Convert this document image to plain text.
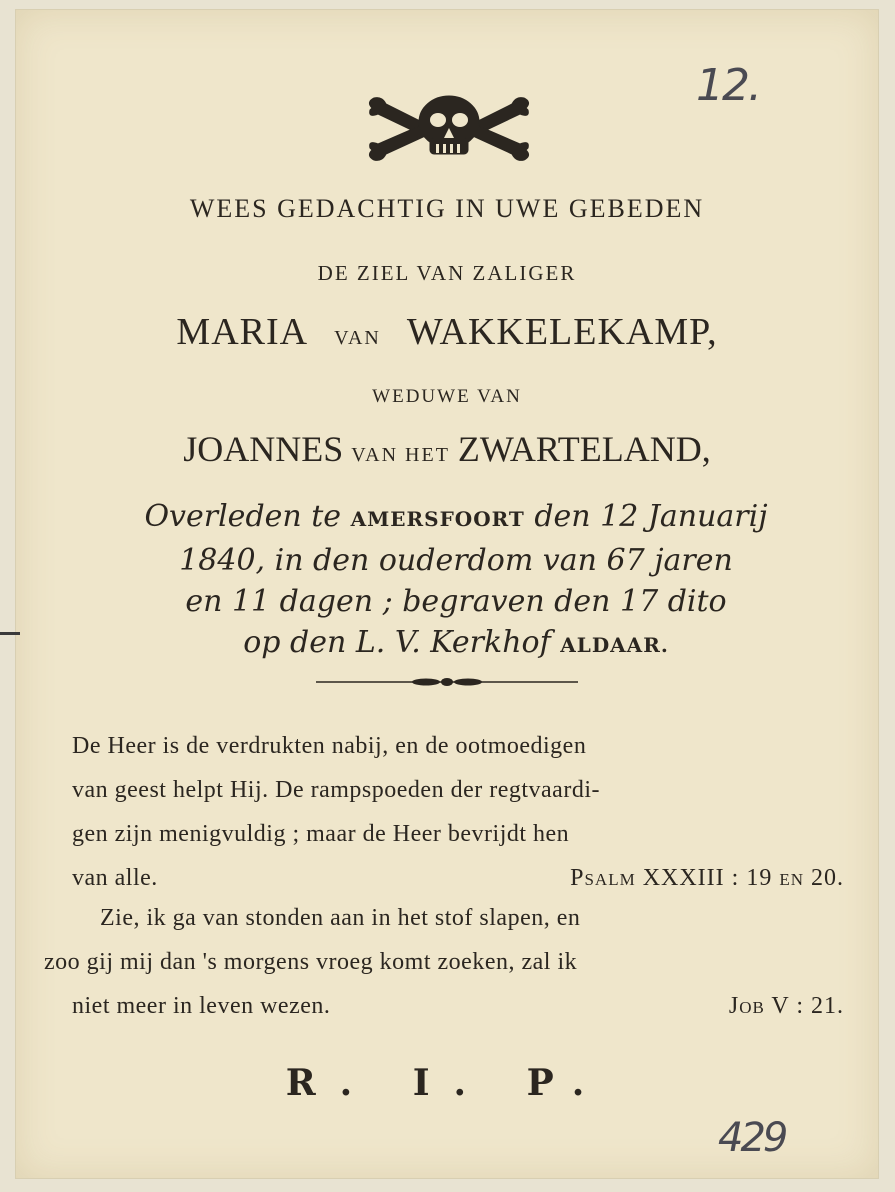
12.
WEES GEDACHTIG IN UWE GEBEDEN
DE ZIEL VAN ZALIGER
MARIA VAN WAKKELEKAMP,
WEDUWE VAN
JOANNES VAN HET ZWARTELAND,
Overleden te AMERSFOORT den 12 Januarij
1840, in den ouderdom van 67 jaren
en 11 dagen ; begraven den 17 dito
op den L. V. Kerkhof ALDAAR.
De Heer is de verdrukten nabij, en de ootmoedigen
van geest helpt Hij. De rampspoeden der regtvaardi-
gen zijn menigvuldig ; maar de Heer bevrijdt hen
van alle.	Psalm XXXIII : 19 en 20.
Zie, ik ga van stonden aan in het stof slapen, en
zoo gij mij dan 's morgens vroeg komt zoeken, zal ik
niet meer in leven wezen.	Job V : 21.
R. I. P.
429
